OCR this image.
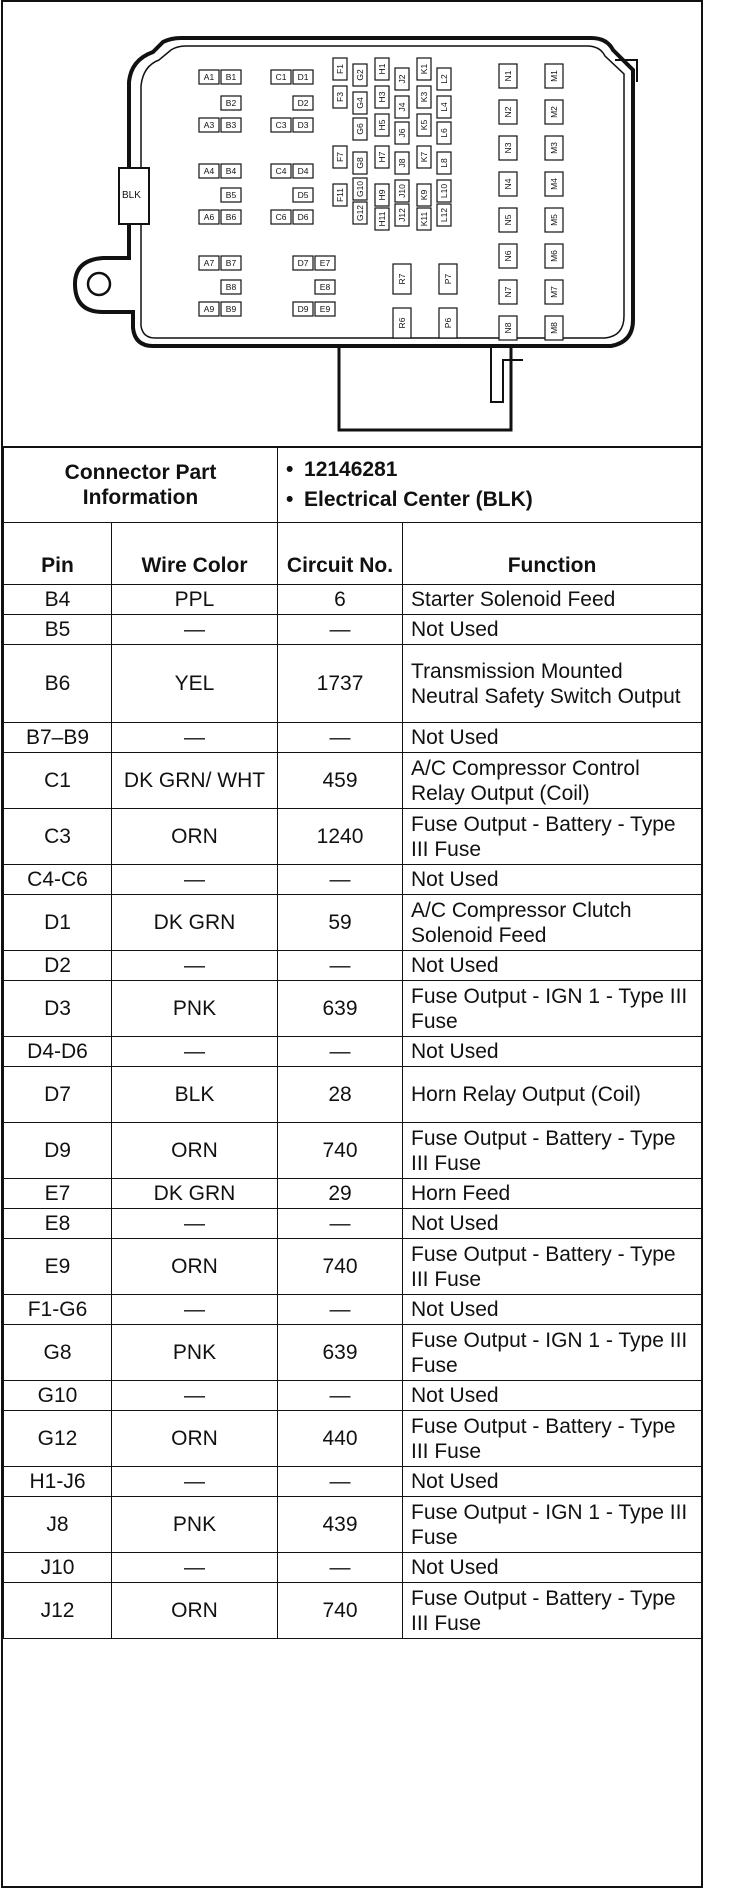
BLK
A1 B1
B2
A3 B3
A4 B4
B5
A6 B6
A7 B7
B8
A9 B9
C1 D1
D2
C3 D3
C4 D4
D5
C6 D6
D7 E7
E8
D9 E9
F1
G2
H1
J2
K1
L2
F3
G4
H3
J4
K3
L4
G6 H5
J6
K5
L6
F7
G8
H7
J8
K7
L8
F11 G10 H9 J10 K9 L10
G12 H11 J12 K11 L12
R7	P7
R6	P6
N1	M1
N2	M2
N3	M3
N4	M4
N5	M5
N6	M6
N7	M7
N8	M8
Connector Part Information		• 12146281
• Electrical Center (BLK)	

Pin	Wire Color	Circuit No.	Function
B4	PPL	6	Starter Solenoid Feed
B5	—	—	Not Used
B6	YEL	1737	Transmission Mounted Neutral Safety Switch Output
B7–B9	—	—	Not Used
C1	DK GRN/ WHT	459	A/C Compressor Control Relay Output (Coil)
C3	ORN	1240	Fuse Output - Battery - Type III Fuse
C4-C6	—	—	Not Used
D1	DK GRN	59	A/C Compressor Clutch Solenoid Feed
D2	—	—	Not Used
D3	PNK	639	Fuse Output - IGN 1 - Type III Fuse
D4-D6	—	—	Not Used
D7	BLK	28	Horn Relay Output (Coil)
D9	ORN	740	Fuse Output - Battery - Type III Fuse
E7	DK GRN	29	Horn Feed
E8	—	—	Not Used
E9	ORN	740	Fuse Output - Battery - Type III Fuse
F1-G6	—	—	Not Used
G8	PNK	639	Fuse Output - IGN 1 - Type III Fuse
G10	—	—	Not Used
G12	ORN	440	Fuse Output - Battery - Type III Fuse
H1-J6	—	—	Not Used
J8	PNK	439	Fuse Output - IGN 1 - Type III Fuse
J10	—	—	Not Used
J12	ORN	740	Fuse Output - Battery - Type III Fuse
